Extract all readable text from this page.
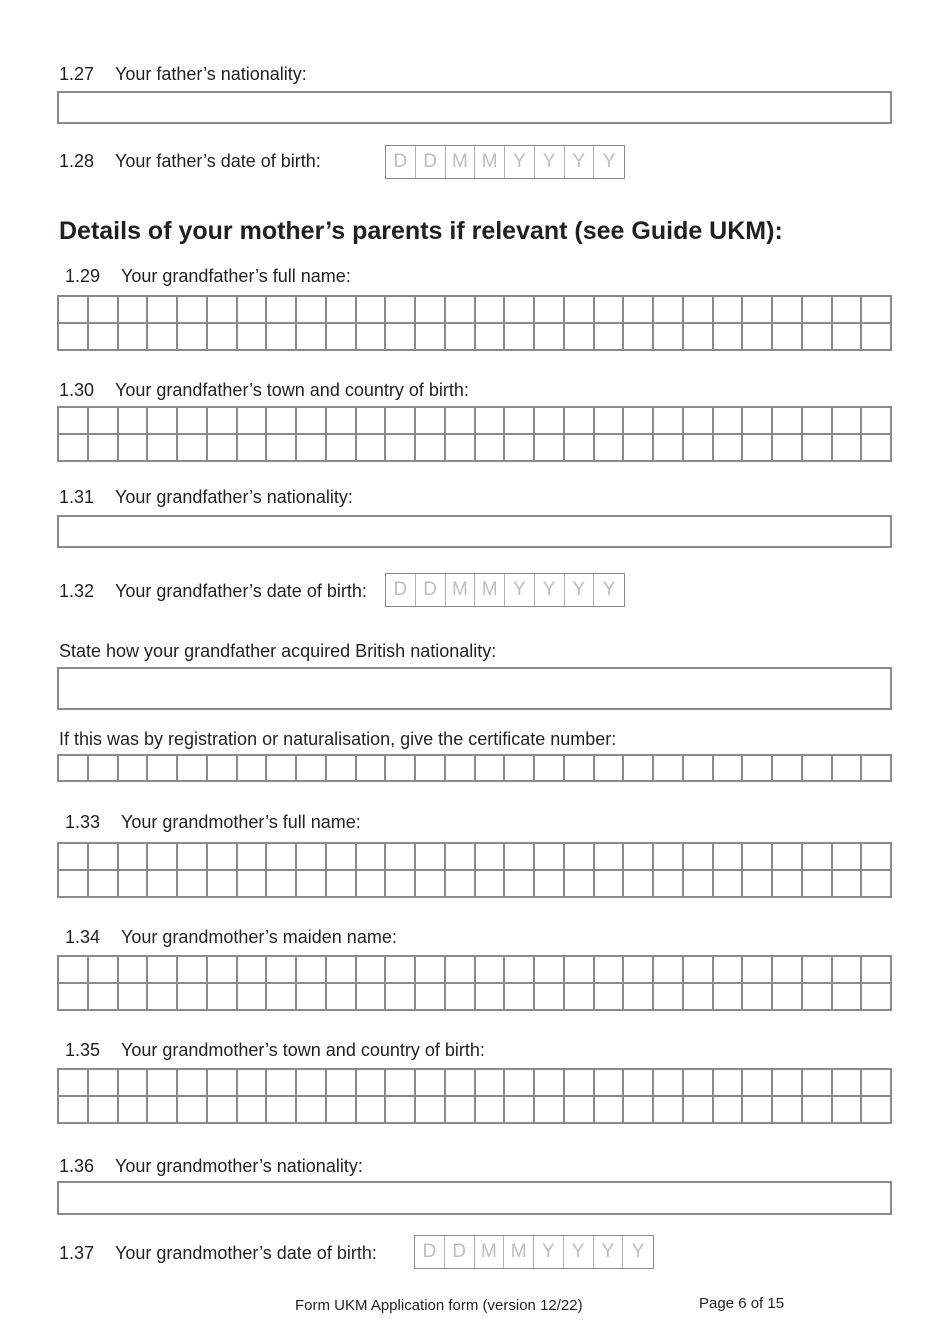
1.27 Your father’s nationality:
1.28 Your father’s date of birth:	D D M M Y Y Y Y
Details of your mother’s parents if relevant (see Guide UKM):
1.29 Your grandfather’s full name:
1.30 Your grandfather’s town and country of birth:
1.31 Your grandfather’s nationality:
1.32 Your grandfather’s date of birth:	D D M M Y Y Y Y
State how your grandfather acquired British nationality:
If this was by registration or naturalisation, give the certificate number:
1.33 Your grandmother’s full name:
1.34 Your grandmother’s maiden name:
1.35 Your grandmother’s town and country of birth:
1.36 Your grandmother’s nationality:
1.37 Your grandmother’s date of birth:	D D M M Y Y Y Y
Form UKM Application form (version 12/22)	Page 6 of 15
